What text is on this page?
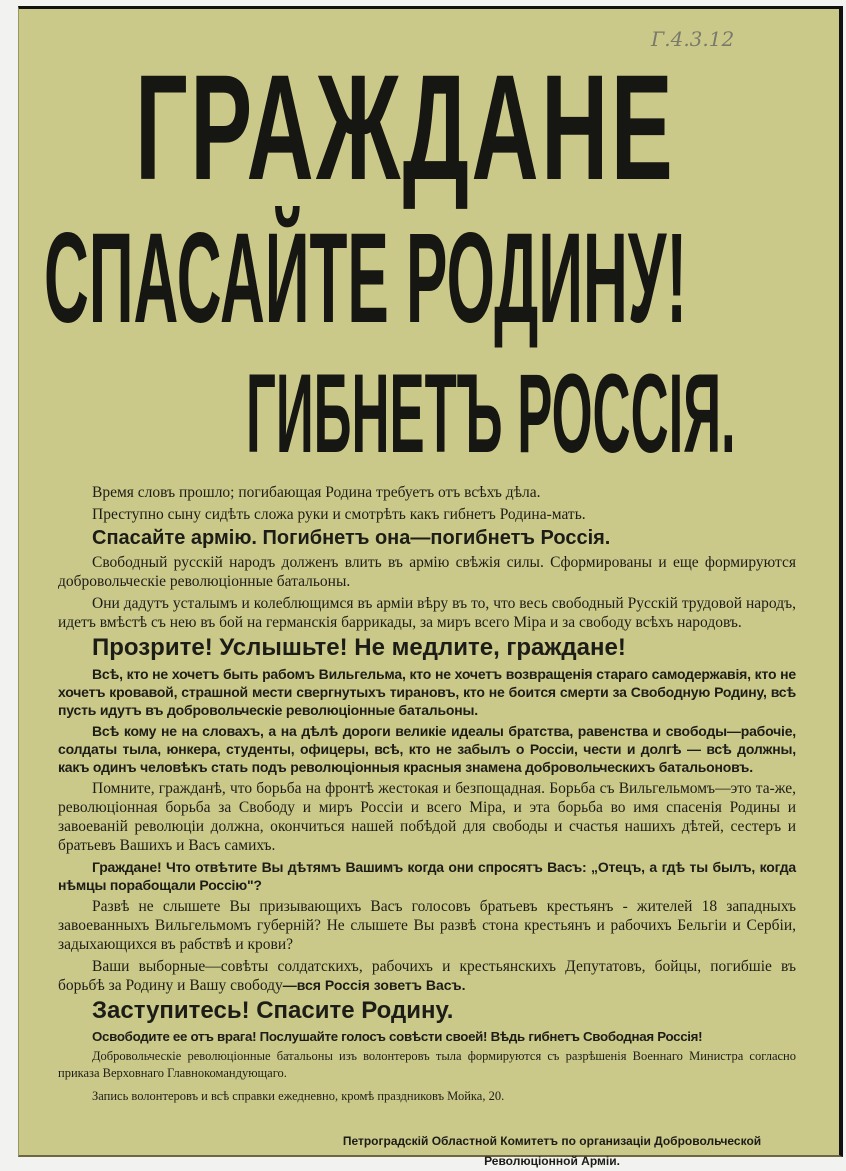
Г.4.3.12
ГРАЖДАНЕ
СПАСАЙТЕ РОДИНУ!
ГИБНЕТЪ РОССІЯ.

Время словъ прошло; погибающая Родина требуетъ отъ всѣхъ дѣла.

Преступно сыну сидѣть сложа руки и смотрѣть какъ гибнетъ Родина-мать.

Спасайте армію. Погибнетъ она—погибнетъ Россія.

Свободный русскій народъ долженъ влить въ армію свѣжія силы. Сформированы и еще формируются добровольческіе революціонные батальоны.

Они дадутъ усталымъ и колеблющимся въ арміи вѣру въ то, что весь свободный Русскій трудовой народъ, идетъ вмѣстѣ съ нею въ бой на германскія баррикады, за миръ всего Міра и за свободу всѣхъ народовъ.

Прозрите! Услышьте! Не медлите, граждане!

Всѣ, кто не хочетъ быть рабомъ Вильгельма, кто не хочетъ возвращенія стараго самодержавія, кто не хочетъ кровавой, страшной мести свергнутыхъ тирановъ, кто не боится смерти за Свободную Родину, всѣ пусть идутъ въ добровольческіе революціонные батальоны.

Всѣ кому не на словахъ, а на дѣлѣ дороги великіе идеалы братства, равенства и свободы—рабочіе, солдаты тыла, юнкера, студенты, офицеры, всѣ, кто не забылъ о Россіи, чести и долгѣ — всѣ должны, какъ одинъ человѣкъ стать подъ революціонныя красныя знамена добровольческихъ батальоновъ.

Помните, гражданѣ, что борьба на фронтѣ жестокая и безпощадная. Борьба съ Вильгельмомъ—это та-же, революціонная борьба за Свободу и миръ Россіи и всего Міра, и эта борьба во имя спасенія Родины и завоеваній революціи должна, окончиться нашей побѣдой для свободы и счастья нашихъ дѣтей, сестеръ и братьевъ Вашихъ и Васъ самихъ.

Граждане! Что отвѣтите Вы дѣтямъ Вашимъ когда они спросятъ Васъ: „Отецъ, а гдѣ ты былъ, когда нѣмцы порабощали Россію"?

Развѣ не слышете Вы призывающихъ Васъ голосовъ братьевъ крестьянъ - жителей 18 западныхъ завоеванныхъ Вильгельмомъ губерній? Не слышете Вы развѣ стона крестьянъ и рабочихъ Бельгіи и Сербіи, задыхающихся въ рабствѣ и крови?

Ваши выборные—совѣты солдатскихъ, рабочихъ и крестьянскихъ Депутатовъ, бойцы, погибшіе въ борьбѣ за Родину и Вашу свободу—вся Россія зоветъ Васъ.

Заступитесь! Спасите Родину.
Освободите ее отъ врага! Послушайте голосъ совѣсти своей! Вѣдь гибнетъ Свободная Россія!

Добровольческіе революціонные батальоны изъ волонтеровъ тыла формируются съ разрѣшенія Военнаго Министра согласно приказа Верховнаго Главнокомандующаго.

Запись волонтеровъ и всѣ справки ежедневно, кромѣ праздниковъ Мойка, 20.

Петроградскій Областной Комитетъ по организаціи Добровольческой
Революціонной Арміи.
